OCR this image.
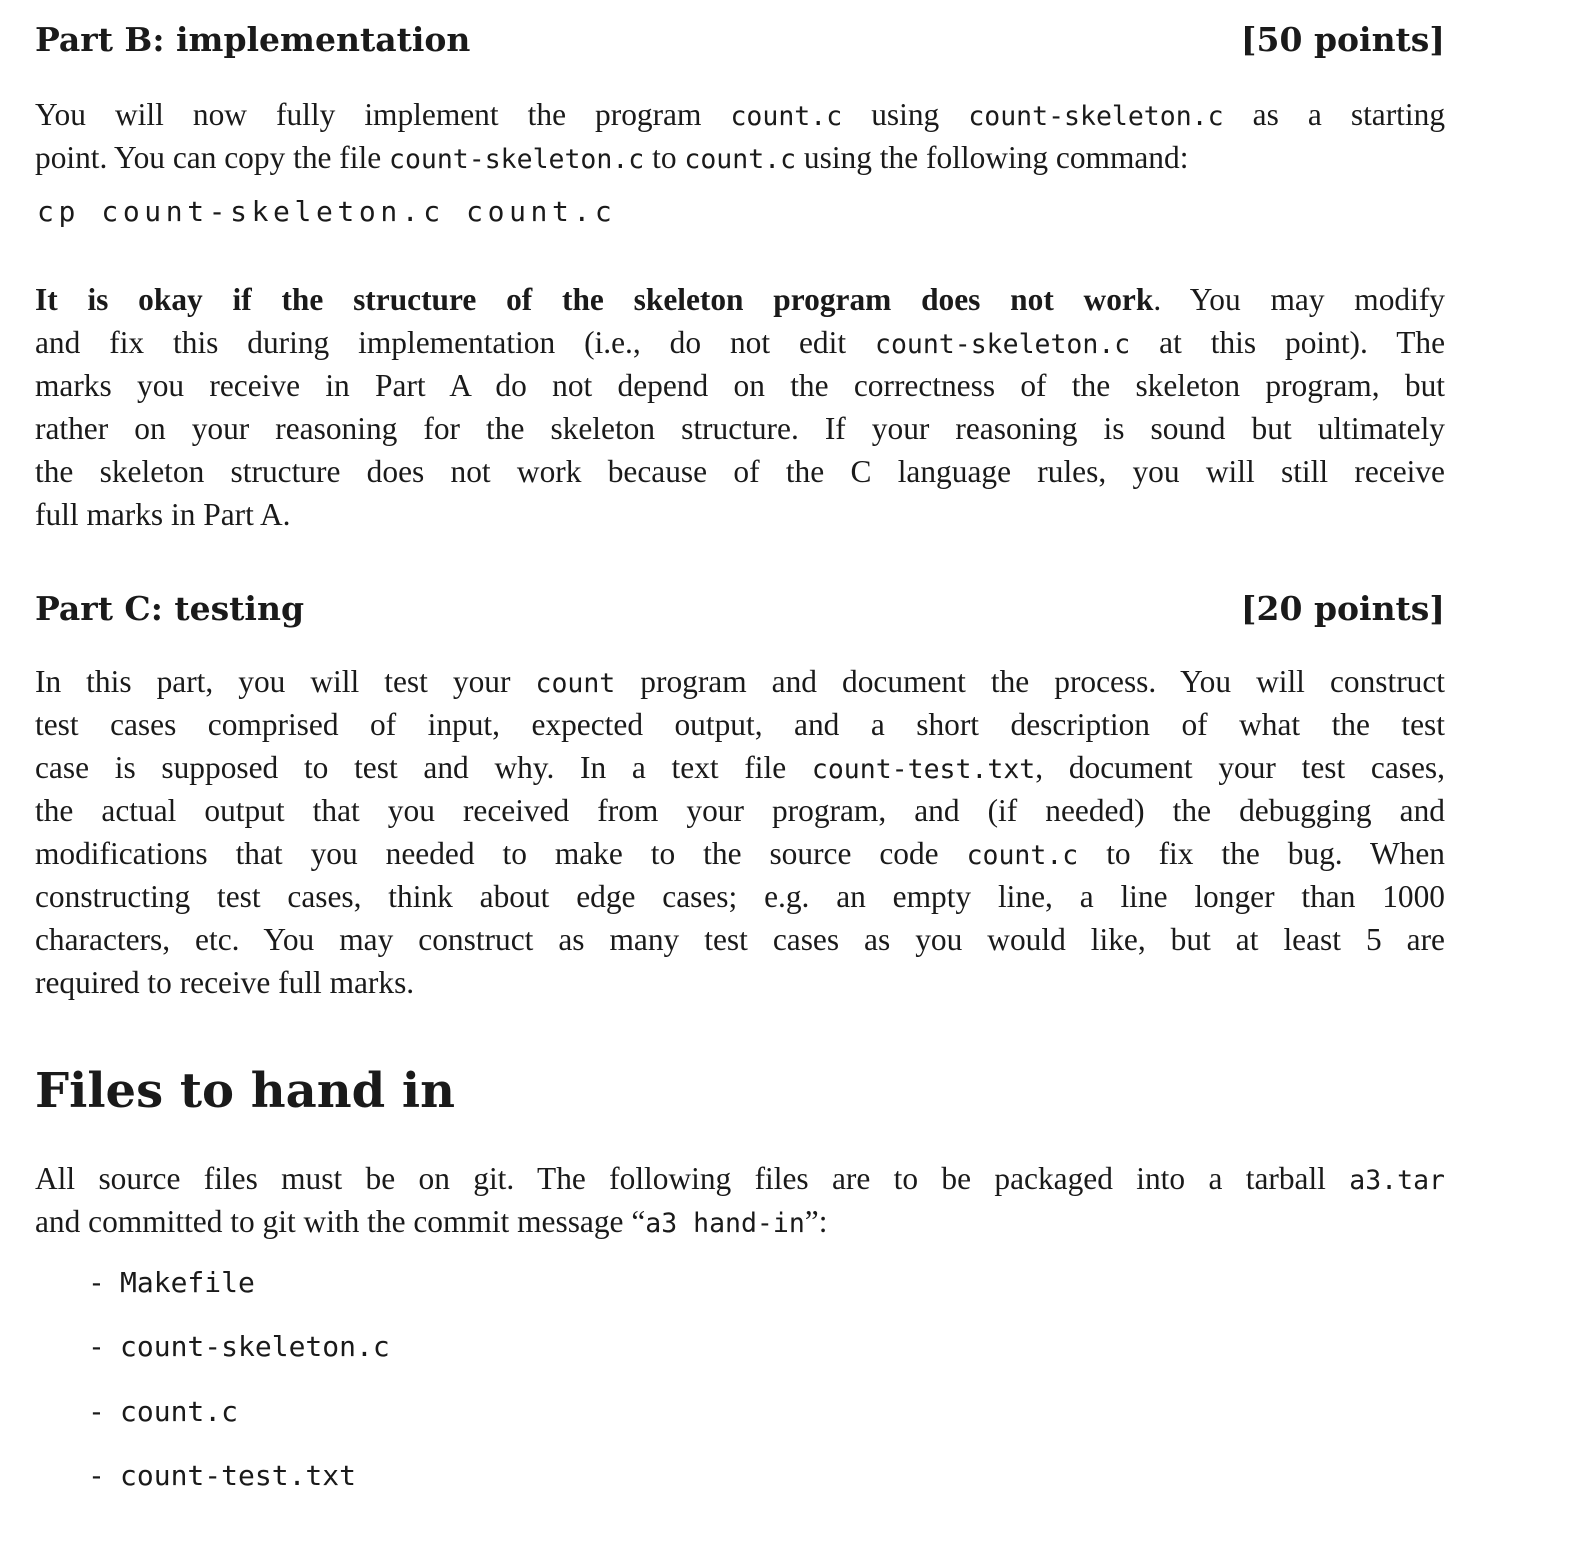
Part B: implementation	[50 points]
You will now fully implement the program count.c using count-skeleton.c as a starting
point. You can copy the file count-skeleton.c to count.c using the following command:
cp count-skeleton.c count.c
It is okay if the structure of the skeleton program does not work. You may modify
and fix this during implementation (i.e., do not edit count-skeleton.c at this point). The
marks you receive in Part A do not depend on the correctness of the skeleton program, but
rather on your reasoning for the skeleton structure. If your reasoning is sound but ultimately
the skeleton structure does not work because of the C language rules, you will still receive
full marks in Part A.
Part C: testing	[20 points]
In this part, you will test your count program and document the process. You will construct
test cases comprised of input, expected output, and a short description of what the test
case is supposed to test and why. In a text file count-test.txt, document your test cases,
the actual output that you received from your program, and (if needed) the debugging and
modifications that you needed to make to the source code count.c to fix the bug. When
constructing test cases, think about edge cases; e.g. an empty line, a line longer than 1000
characters, etc. You may construct as many test cases as you would like, but at least 5 are
required to receive full marks.
Files to hand in
All source files must be on git. The following files are to be packaged into a tarball a3.tar
and committed to git with the commit message “a3 hand-in”:
- Makefile
- count-skeleton.c
- count.c
- count-test.txt
